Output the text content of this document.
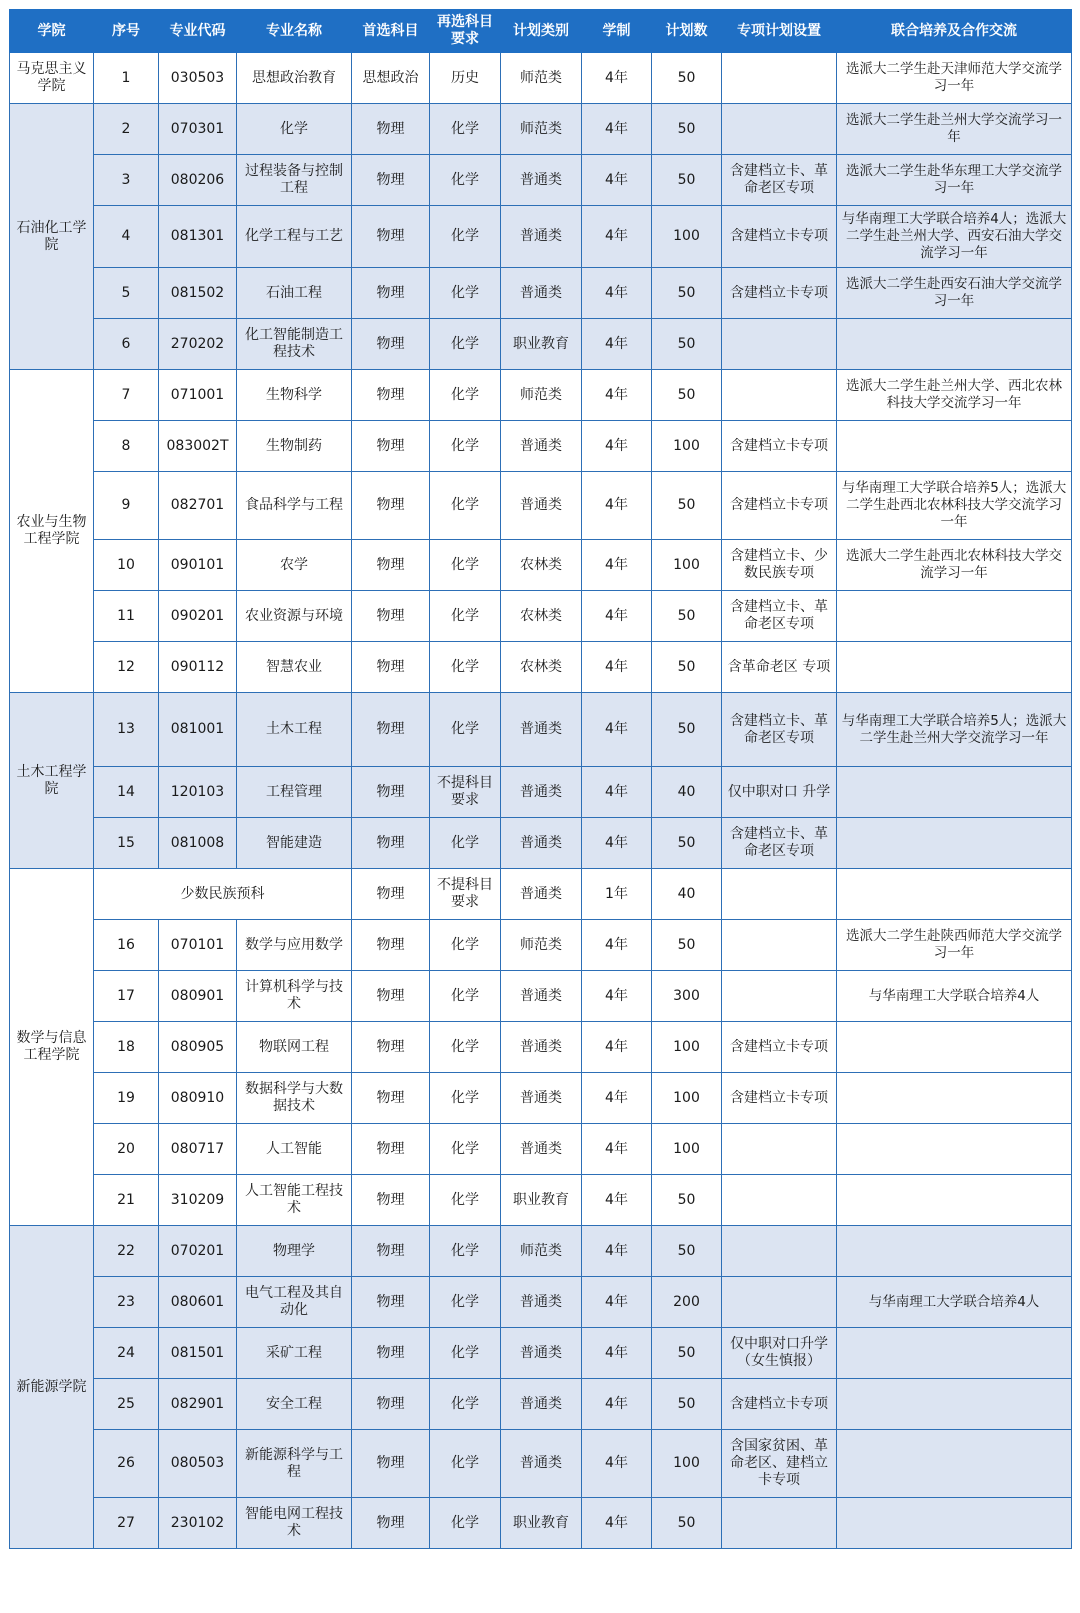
学院	序号	专业代码	专业名称	首选科目	再选科目要求	计划类别	学制	计划数	专项计划设置	联合培养及合作交流
马克思主义学院	1	030503	思想政治教育	思想政治	历史	师范类	4年	50		选派大二学生赴天津师范大学交流学习一年
石油化工学院	2	070301	化学	物理	化学	师范类	4年	50		选派大二学生赴兰州大学交流学习一年
	3	080206	过程装备与控制工程	物理	化学	普通类	4年	50	含建档立卡、革命老区专项	选派大二学生赴华东理工大学交流学习一年
	4	081301	化学工程与工艺	物理	化学	普通类	4年	100	含建档立卡专项	与华南理工大学联合培养4人；选派大二学生赴兰州大学、西安石油大学交流学习一年
	5	081502	石油工程	物理	化学	普通类	4年	50	含建档立卡专项	选派大二学生赴西安石油大学交流学习一年
	6	270202	化工智能制造工程技术	物理	化学	职业教育	4年	50		
农业与生物工程学院	7	071001	生物科学	物理	化学	师范类	4年	50		选派大二学生赴兰州大学、西北农林科技大学交流学习一年
	8	083002T	生物制药	物理	化学	普通类	4年	100	含建档立卡专项	
	9	082701	食品科学与工程	物理	化学	普通类	4年	50	含建档立卡专项	与华南理工大学联合培养5人；选派大二学生赴西北农林科技大学交流学习一年
	10	090101	农学	物理	化学	农林类	4年	100	含建档立卡、少数民族专项	选派大二学生赴西北农林科技大学交流学习一年
	11	090201	农业资源与环境	物理	化学	农林类	4年	50	含建档立卡、革命老区专项	
	12	090112	智慧农业	物理	化学	农林类	4年	50	含革命老区 专项	
土木工程学院	13	081001	土木工程	物理	化学	普通类	4年	50	含建档立卡、革命老区专项	与华南理工大学联合培养5人；选派大二学生赴兰州大学交流学习一年
	14	120103	工程管理	物理	不提科目要求	普通类	4年	40	仅中职对口 升学	
	15	081008	智能建造	物理	化学	普通类	4年	50	含建档立卡、革命老区专项	
数学与信息工程学院	少数民族预科			物理	不提科目要求	普通类	1年	40		
	16	070101	数学与应用数学	物理	化学	师范类	4年	50		选派大二学生赴陕西师范大学交流学习一年
	17	080901	计算机科学与技术	物理	化学	普通类	4年	300		与华南理工大学联合培养4人
	18	080905	物联网工程	物理	化学	普通类	4年	100	含建档立卡专项	
	19	080910	数据科学与大数据技术	物理	化学	普通类	4年	100	含建档立卡专项	
	20	080717	人工智能	物理	化学	普通类	4年	100		
	21	310209	人工智能工程技术	物理	化学	职业教育	4年	50		
新能源学院	22	070201	物理学	物理	化学	师范类	4年	50		
	23	080601	电气工程及其自动化	物理	化学	普通类	4年	200		与华南理工大学联合培养4人
	24	081501	采矿工程	物理	化学	普通类	4年	50	仅中职对口升学（女生慎报）	
	25	082901	安全工程	物理	化学	普通类	4年	50	含建档立卡专项	
	26	080503	新能源科学与工程	物理	化学	普通类	4年	100	含国家贫困、革命老区、建档立卡专项	
	27	230102	智能电网工程技术	物理	化学	职业教育	4年	50		
